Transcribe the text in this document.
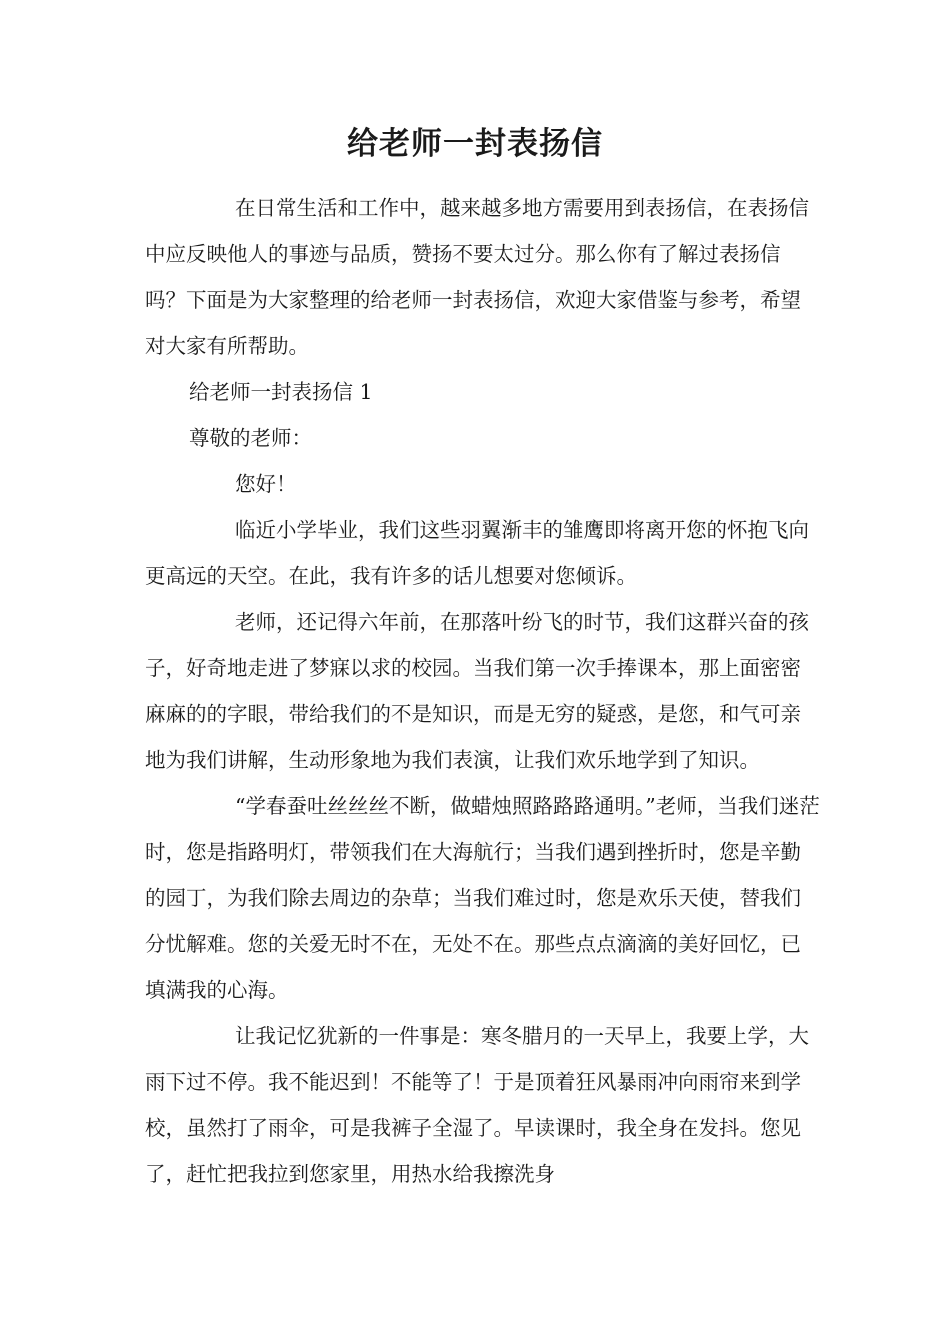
给老师一封表扬信

在日常生活和工作中，越来越多地方需要用到表扬信，在表扬信中应反映他人的事迹与品质，赞扬不要太过分。那么你有了解过表扬信吗？下面是为大家整理的给老师一封表扬信，欢迎大家借鉴与参考，希望对大家有所帮助。

给老师一封表扬信 1

尊敬的老师：

您好！

临近小学毕业，我们这些羽翼渐丰的雏鹰即将离开您的怀抱飞向更高远的天空。在此，我有许多的话儿想要对您倾诉。

老师，还记得六年前，在那落叶纷飞的时节，我们这群兴奋的孩子，好奇地走进了梦寐以求的校园。当我们第一次手捧课本，那上面密密麻麻的的字眼，带给我们的不是知识，而是无穷的疑惑，是您，和气可亲地为我们讲解，生动形象地为我们表演，让我们欢乐地学到了知识。

“学春蚕吐丝丝丝不断，做蜡烛照路路路通明。”老师，当我们迷茫时，您是指路明灯，带领我们在大海航行；当我们遇到挫折时，您是辛勤的园丁，为我们除去周边的杂草；当我们难过时，您是欢乐天使，替我们分忧解难。您的关爱无时不在，无处不在。那些点点滴滴的美好回忆，已填满我的心海。

让我记忆犹新的一件事是：寒冬腊月的一天早上，我要上学，大雨下过不停。我不能迟到！不能等了！于是顶着狂风暴雨冲向雨帘来到学校，虽然打了雨伞，可是我裤子全湿了。早读课时，我全身在发抖。您见了，赶忙把我拉到您家里，用热水给我擦洗身
